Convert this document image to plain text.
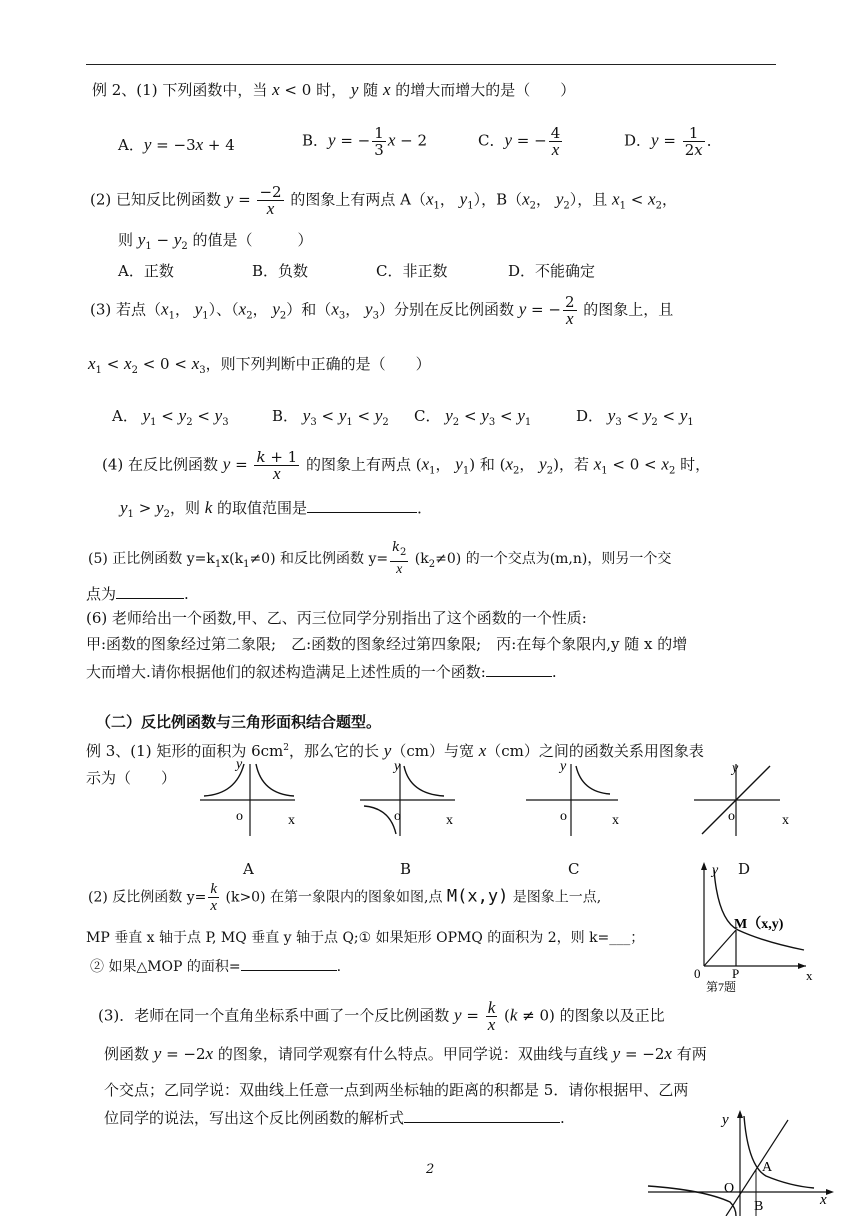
例 2、(1) 下列函数中，当 x < 0 时， y 随 x 的增大而增大的是（　　）
A．y = −3x + 4	B．y = − $\frac{1}{3}$ x − 2	C．y = − $\frac{4}{x}$	D．$y = \frac{1}{2x}$ ．
(2) 已知反比例函数 $y = \frac{-2}{x}$ 的图象上有两点 $A(x_1$， $y_1$），$B(x_2$， $y_2$），且 $x_1 < x_2$，
则 $y_1 - y_2$ 的值是（　　　）
A．正数	B．负数	C．非正数	D．不能确定
(3) 若点（$x_1$， $y_1$）、（$x_2$， $y_2$）和（$x_3$， $y_3$）分别在反比例函数 y = − $\frac{2}{x}$ 的图象上，且
$x_1 < x_2 < 0 < x_3$，则下列判断中正确的是（　　）
A． $y_1 < y_2 < y_3$	B． $y_3 < y_1 < y_2$ C． $y_2 < y_3 < y_1$	D． $y_3 < y_2 < y_1$
(4) 在反比例函数 $y = \frac{k + 1}{x}$ 的图象上有两点 ($x_1$， $y_1$) 和 ($x_2$， $y_2$)，若 $x_1 < 0 < x_2$ 时，
$y_1 > y_2$，则 k 的取值范围是	．
(5) 正比例函数 $y=k_1x(k_1\ne 0)$ 和反比例函数 $y= \frac{k_2}{x} (k_2\ne 0)$ 的一个交点为(m,n)，则另一个交
点为	.
(6) 老师给出一个函数,甲、乙、丙三位同学分别指出了这个函数的一个性质:
甲:函数的图象经过第二象限;　乙:函数的图象经过第四象限;　丙:在每个象限内,y 随 x 的增
大而增大.请你根据他们的叙述构造满足上述性质的一个函数:	.
（二）反比例函数与三角形面积结合题型。
例 3、(1) 矩形的面积为 $6cm^2$，那么它的长 y（cm）与宽 x（cm）之间的函数关系用图象表
示为（　　）
y
o	x
A
y
o	x
B
y
o	x
C
y
o	x
D
(2) 反比例函数 $y= \frac{k}{x} (k>0)$ 在第一象限内的图象如图,点 M(x,y) 是图象上一点,
MP 垂直 x 轴于点 P, MQ 垂直 y 轴于点 Q;① 如果矩形 OPMQ 的面积为 2，则 k=___；
② 如果△MOP 的面积=	.
y
M（x,y)
0 P	x
第7题
(3)．老师在同一个直角坐标系中画了一个反比例函数 $y = \frac{k}{x} (k \ne 0)$ 的图象以及正比
例函数 y = −2x 的图象，请同学观察有什么特点。甲同学说：双曲线与直线 y = −2x 有两
个交点；乙同学说：双曲线上任意一点到两坐标轴的距离的积都是 5．请你根据甲、乙两
位同学的说法，写出这个反比例函数的解析式	.
2
y
O
A
B	x
